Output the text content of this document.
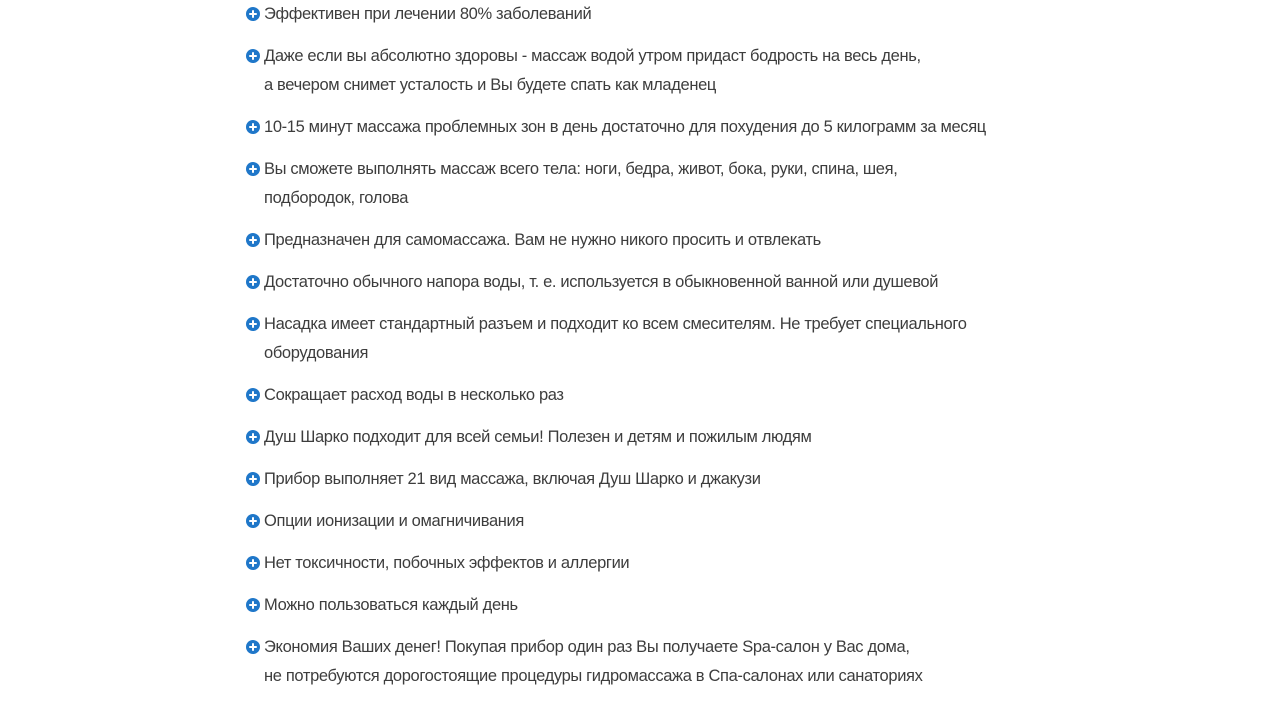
Эффективен при лечении 80% заболеваний
Даже если вы абсолютно здоровы - массаж водой утром придаст бодрость на весь день,
а вечером снимет усталость и Вы будете спать как младенец
10-15 минут массажа проблемных зон в день достаточно для похудения до 5 килограмм за месяц
Вы сможете выполнять массаж всего тела: ноги, бедра, живот, бока, руки, спина, шея,
подбородок, голова
Предназначен для самомассажа. Вам не нужно никого просить и отвлекать
Достаточно обычного напора воды, т. е. используется в обыкновенной ванной или душевой
Насадка имеет стандартный разъем и подходит ко всем смесителям. Не требует специального
оборудования
Сокращает расход воды в несколько раз
Душ Шарко подходит для всей семьи! Полезен и детям и пожилым людям
Прибор выполняет 21 вид массажа, включая Душ Шарко и джакузи
Опции ионизации и омагничивания
Нет токсичности, побочных эффектов и аллергии
Можно пользоваться каждый день
Экономия Ваших денег! Покупая прибор один раз Вы получаете Spa-салон у Вас дома,
не потребуются дорогостоящие процедуры гидромассажа в Спа-салонах или санаториях
